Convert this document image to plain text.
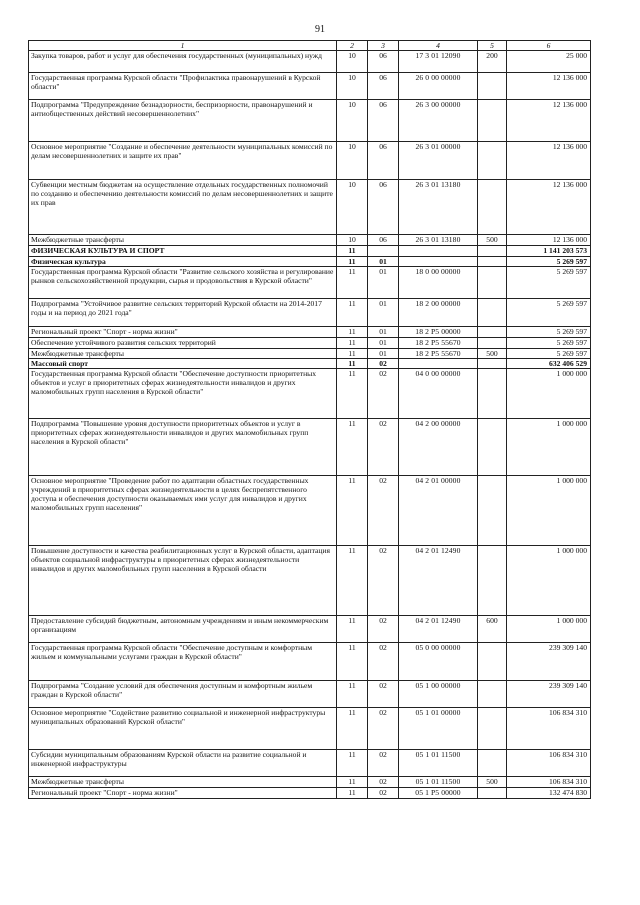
91
1	2	3	4	5	6
Закупка товаров, работ и услуг для обеспечения государственных (муниципальных) нужд	10	06	17 3 01 12090	200	25 000
Государственная программа Курской области "Профилактика правонарушений в Курской области"	10	06	26 0 00 00000		12 136 000
Подпрограмма "Предупреждение безнадзорности, беспризорности, правонарушений и антиобщественных действий несовершеннолетних"	10	06	26 3 00 00000		12 136 000
Основное мероприятие "Создание и обеспечение деятельности муниципальных комиссий по делам несовершеннолетних и защите их прав"	10	06	26 3 01 00000		12 136 000
Субвенции местным бюджетам на осуществление отдельных государственных полномочий по созданию и обеспечению деятельности комиссий по делам несовершеннолетних и защите их прав	10	06	26 3 01 13180		12 136 000
Межбюджетные трансферты	10	06	26 3 01 13180	500	12 136 000
ФИЗИЧЕСКАЯ КУЛЬТУРА И СПОРТ	11				1 141 203 573
Физическая культура	11	01			5 269 597
Государственная программа Курской области "Развитие сельского хозяйства и регулирование рынков сельскохозяйственной продукции, сырья и продовольствия в Курской области"	11	01	18 0 00 00000		5 269 597
Подпрограмма "Устойчивое развитие сельских территорий Курской области на 2014-2017 годы и на период до 2021 года"	11	01	18 2 00 00000		5 269 597
Региональный проект "Спорт - норма жизни"	11	01	18 2 P5 00000		5 269 597
Обеспечение устойчивого развития сельских территорий	11	01	18 2 P5 55670		5 269 597
Межбюджетные трансферты	11	01	18 2 P5 55670	500	5 269 597
Массовый спорт	11	02			632 406 529
Государственная программа Курской области "Обеспечение доступности приоритетных объектов и услуг в приоритетных сферах жизнедеятельности инвалидов и других маломобильных групп населения в Курской области"	11	02	04 0 00 00000		1 000 000
Подпрограмма "Повышение уровня доступности приоритетных объектов и услуг в приоритетных сферах жизнедеятельности инвалидов и других маломобильных групп населения в Курской области"	11	02	04 2 00 00000		1 000 000
Основное мероприятие "Проведение работ по адаптации областных государственных учреждений в приоритетных сферах жизнедеятельности в целях беспрепятственного доступа и обеспечения доступности оказываемых ими услуг для инвалидов и других маломобильных групп населения"	11	02	04 2 01 00000		1 000 000
Повышение доступности и качества реабилитационных услуг в Курской области, адаптация объектов социальной инфраструктуры в приоритетных сферах жизнедеятельности инвалидов и других маломобильных групп населения в Курской области	11	02	04 2 01 12490		1 000 000
Предоставление субсидий бюджетным, автономным учреждениям и иным некоммерческим организациям	11	02	04 2 01 12490	600	1 000 000
Государственная программа Курской области "Обеспечение доступным и комфортным жильем и коммунальными услугами граждан в Курской области"	11	02	05 0 00 00000		239 309 140
Подпрограмма "Создание условий для обеспечения доступным и комфортным жильем граждан в Курской области"	11	02	05 1 00 00000		239 309 140
Основное мероприятие "Содействие развитию социальной и инженерной инфраструктуры муниципальных образований Курской области"	11	02	05 1 01 00000		106 834 310
Субсидии муниципальным образованиям Курской области на развитие социальной и инженерной инфраструктуры	11	02	05 1 01 11500		106 834 310
Межбюджетные трансферты	11	02	05 1 01 11500	500	106 834 310
Региональный проект "Спорт - норма жизни"	11	02	05 1 P5 00000		132 474 830
